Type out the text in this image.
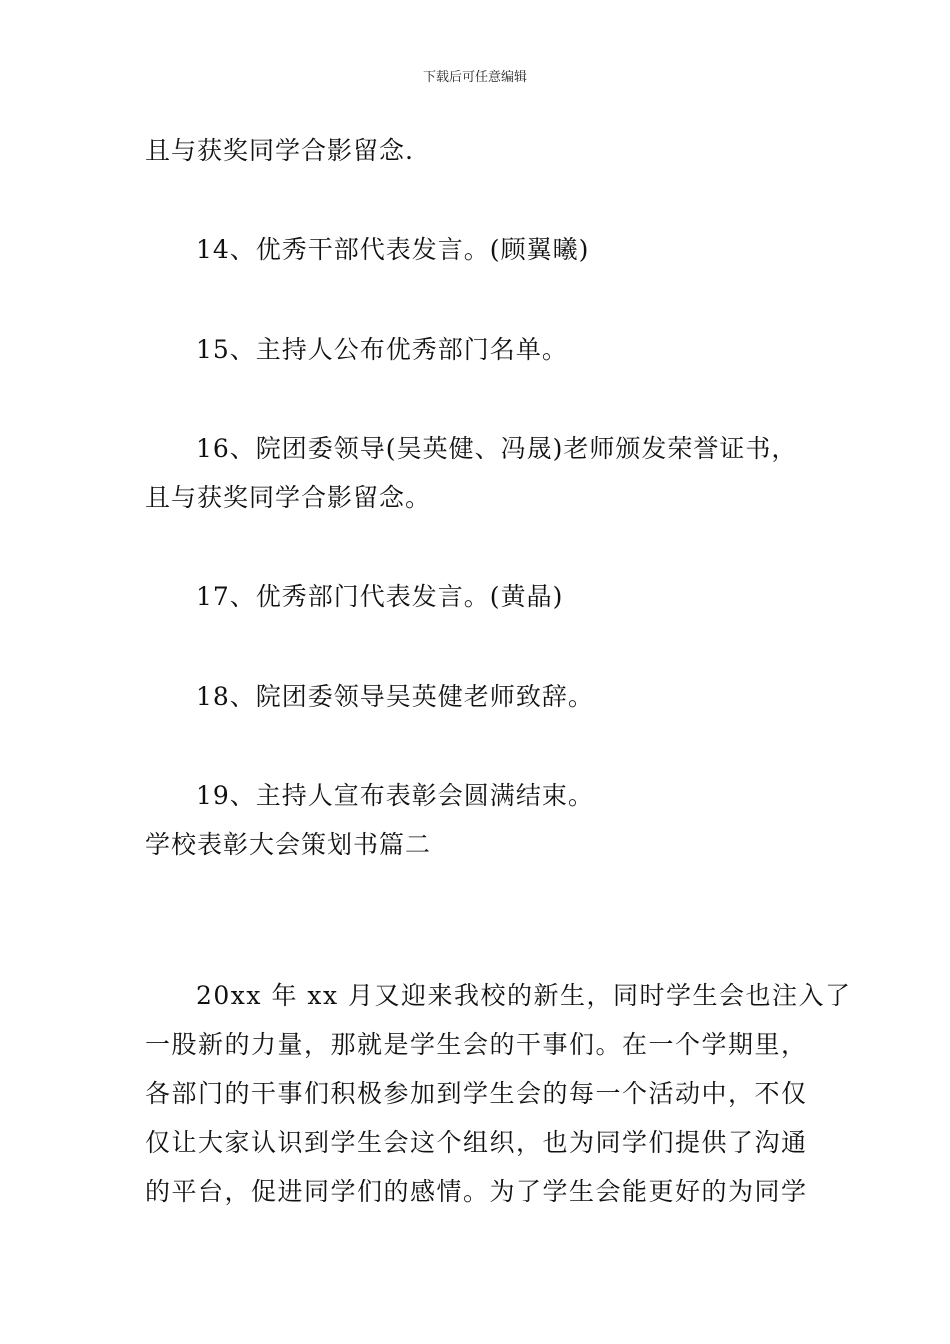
下载后可任意编辑
且与获奖同学合影留念.
14、优秀干部代表发言。(顾翼曦)
15、主持人公布优秀部门名单。
16、院团委领导(吴英健、冯晟)老师颁发荣誉证书，
且与获奖同学合影留念。
17、优秀部门代表发言。(黄晶)
18、院团委领导吴英健老师致辞。
19、主持人宣布表彰会圆满结束。
学校表彰大会策划书篇二
20xx 年 xx 月又迎来我校的新生，同时学生会也注入了
一股新的力量，那就是学生会的干事们。在一个学期里，
各部门的干事们积极参加到学生会的每一个活动中，不仅
仅让大家认识到学生会这个组织，也为同学们提供了沟通
的平台，促进同学们的感情。为了学生会能更好的为同学
